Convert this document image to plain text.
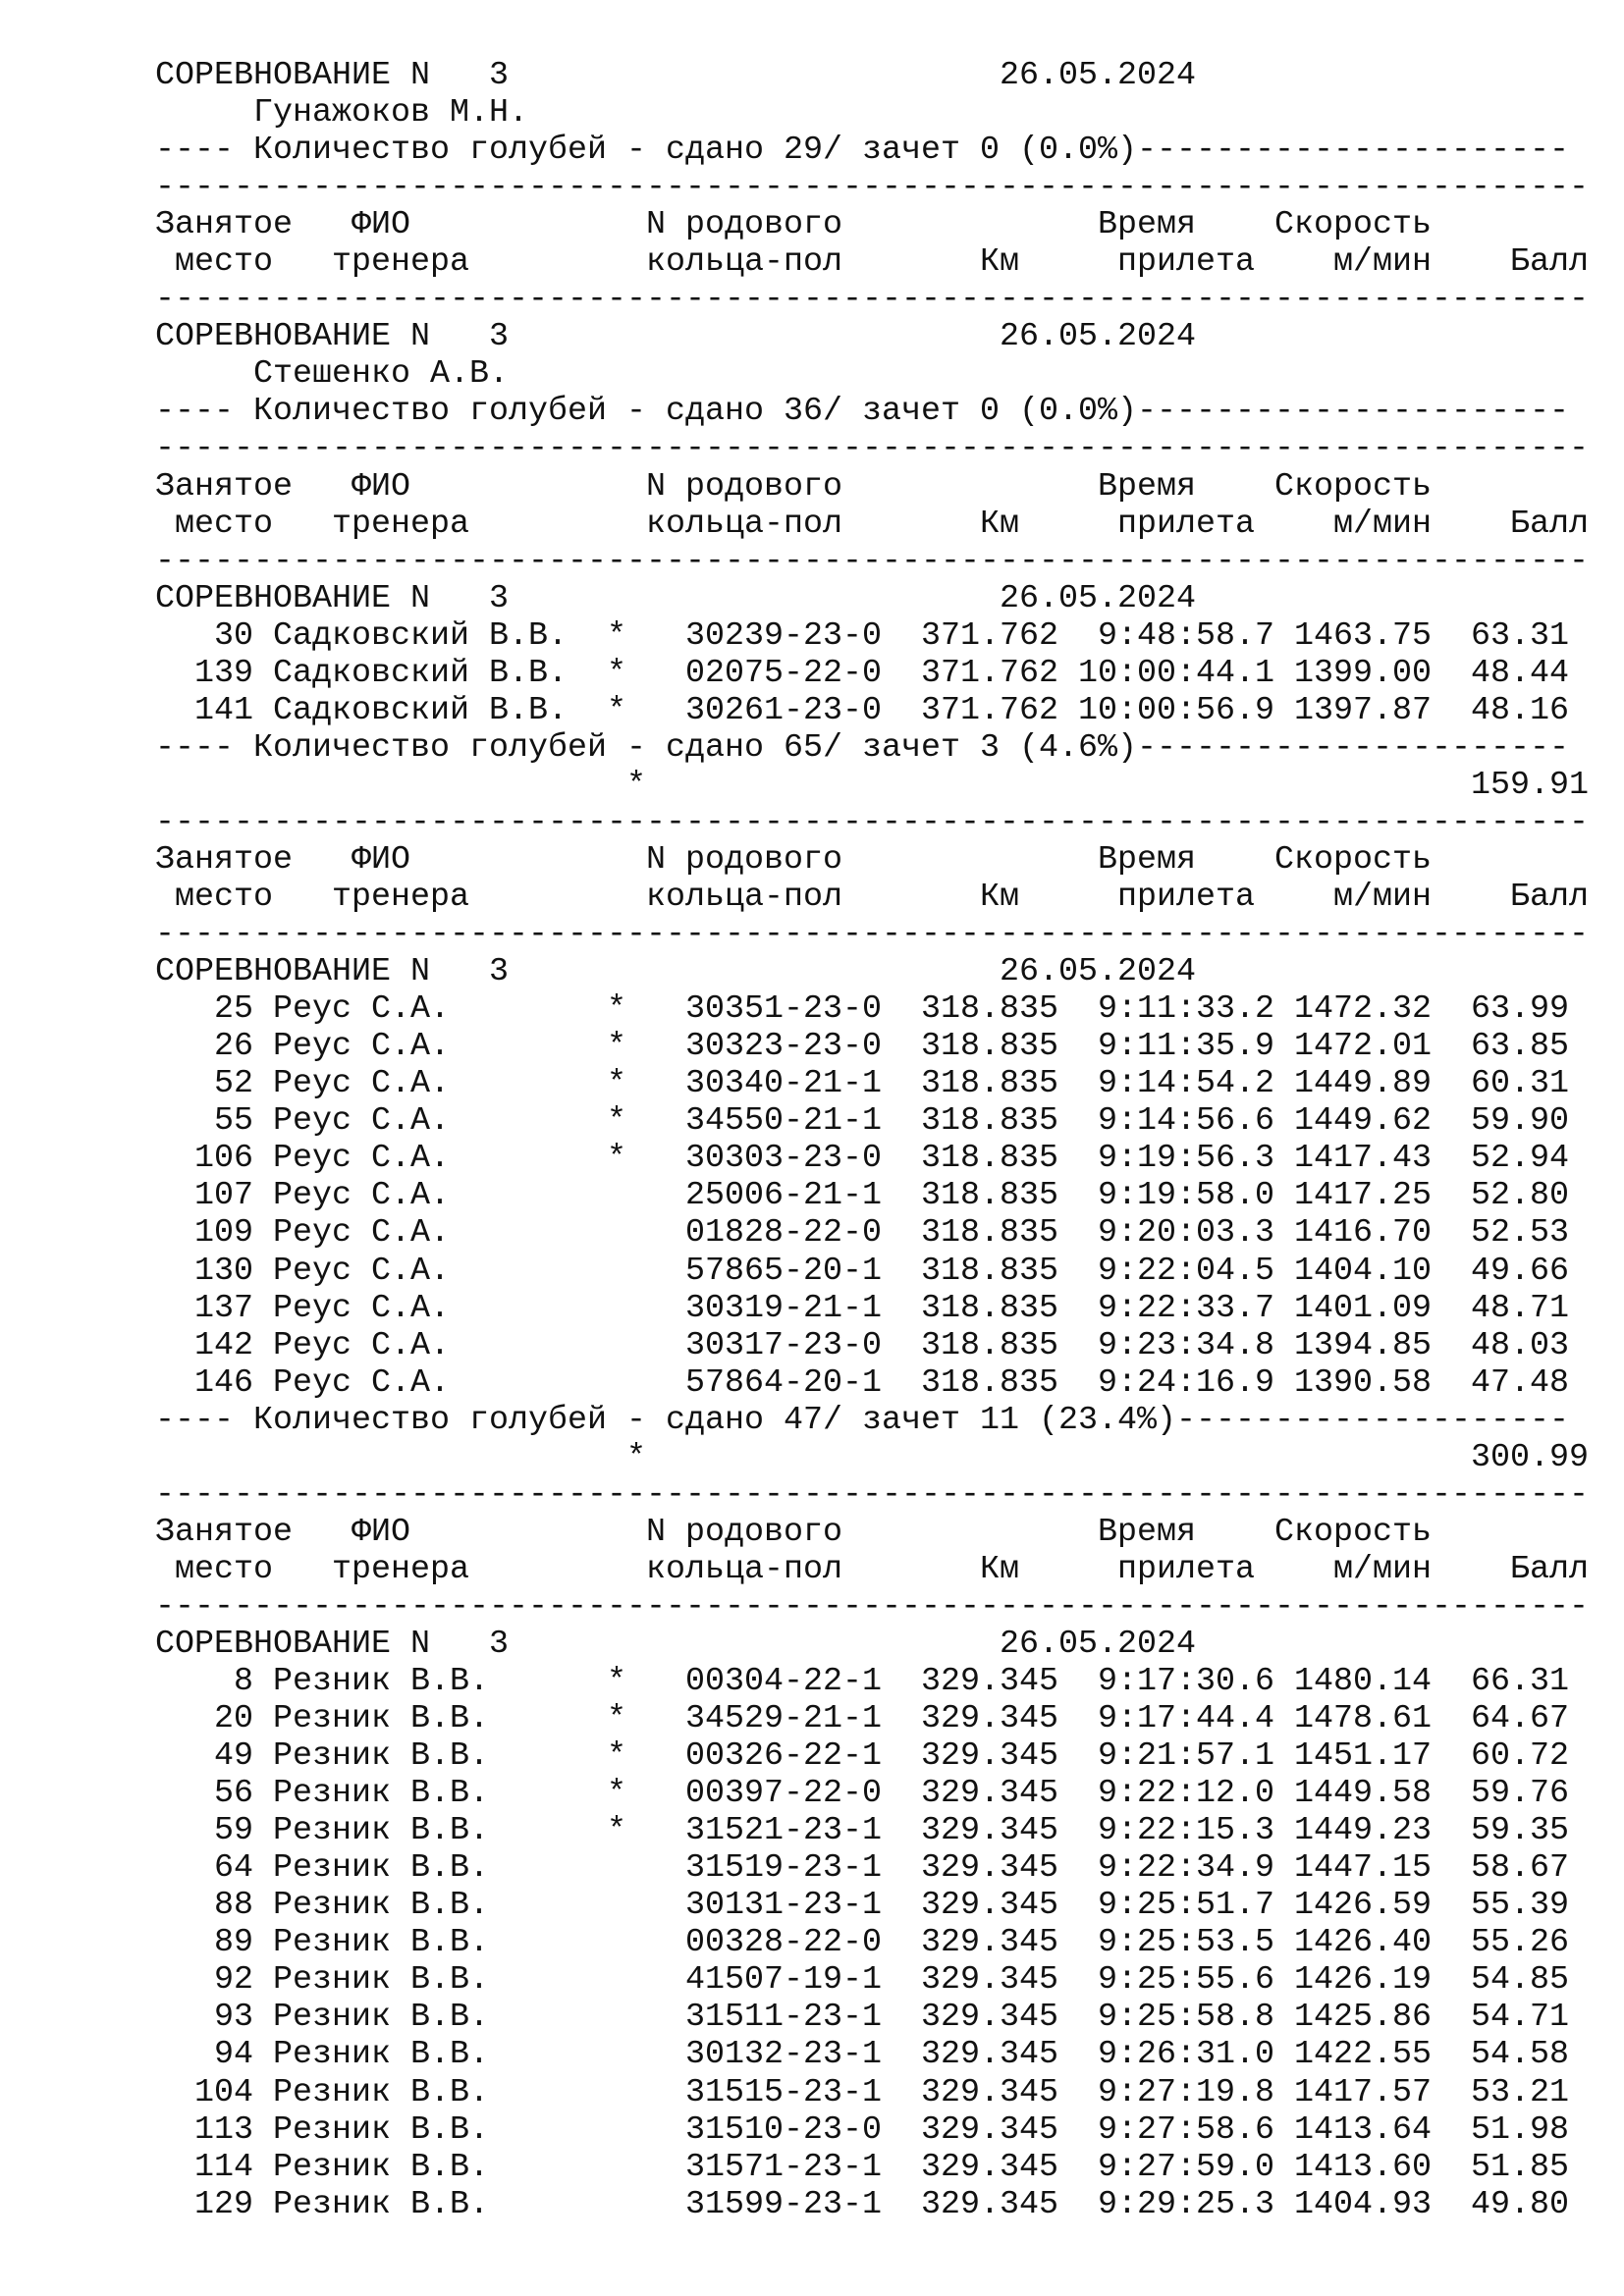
СОРЕВНОВАНИЕ N   3                         26.05.2024
Гунажоков М.Н.
---- Количество голубей - сдано 29/ зачет 0 (0.0%)----------------------
-------------------------------------------------------------------------
Занятое   ФИО            N родового             Время    Скорость
место   тренера         кольца-пол       Км     прилета    м/мин    Балл
-------------------------------------------------------------------------
СОРЕВНОВАНИЕ N   3                         26.05.2024
Стешенко А.В.
---- Количество голубей - сдано 36/ зачет 0 (0.0%)----------------------
-------------------------------------------------------------------------
Занятое   ФИО            N родового             Время    Скорость
место   тренера         кольца-пол       Км     прилета    м/мин    Балл
-------------------------------------------------------------------------
СОРЕВНОВАНИЕ N   3                         26.05.2024
30 Садковский В.В.  *   30239-23-0  371.762  9:48:58.7 1463.75  63.31
139 Садковский В.В.  *   02075-22-0  371.762 10:00:44.1 1399.00  48.44
141 Садковский В.В.  *   30261-23-0  371.762 10:00:56.9 1397.87  48.16
---- Количество голубей - сдано 65/ зачет 3 (4.6%)----------------------
*                                          159.91
-------------------------------------------------------------------------
Занятое   ФИО            N родового             Время    Скорость
место   тренера         кольца-пол       Км     прилета    м/мин    Балл
-------------------------------------------------------------------------
СОРЕВНОВАНИЕ N   3                         26.05.2024
25 Реус С.А.        *   30351-23-0  318.835  9:11:33.2 1472.32  63.99
26 Реус С.А.        *   30323-23-0  318.835  9:11:35.9 1472.01  63.85
52 Реус С.А.        *   30340-21-1  318.835  9:14:54.2 1449.89  60.31
55 Реус С.А.        *   34550-21-1  318.835  9:14:56.6 1449.62  59.90
106 Реус С.А.        *   30303-23-0  318.835  9:19:56.3 1417.43  52.94
107 Реус С.А.            25006-21-1  318.835  9:19:58.0 1417.25  52.80
109 Реус С.А.            01828-22-0  318.835  9:20:03.3 1416.70  52.53
130 Реус С.А.            57865-20-1  318.835  9:22:04.5 1404.10  49.66
137 Реус С.А.            30319-21-1  318.835  9:22:33.7 1401.09  48.71
142 Реус С.А.            30317-23-0  318.835  9:23:34.8 1394.85  48.03
146 Реус С.А.            57864-20-1  318.835  9:24:16.9 1390.58  47.48
---- Количество голубей - сдано 47/ зачет 11 (23.4%)--------------------
*                                          300.99
-------------------------------------------------------------------------
Занятое   ФИО            N родового             Время    Скорость
место   тренера         кольца-пол       Км     прилета    м/мин    Балл
-------------------------------------------------------------------------
СОРЕВНОВАНИЕ N   3                         26.05.2024
8 Резник В.В.      *   00304-22-1  329.345  9:17:30.6 1480.14  66.31
20 Резник В.В.      *   34529-21-1  329.345  9:17:44.4 1478.61  64.67
49 Резник В.В.      *   00326-22-1  329.345  9:21:57.1 1451.17  60.72
56 Резник В.В.      *   00397-22-0  329.345  9:22:12.0 1449.58  59.76
59 Резник В.В.      *   31521-23-1  329.345  9:22:15.3 1449.23  59.35
64 Резник В.В.          31519-23-1  329.345  9:22:34.9 1447.15  58.67
88 Резник В.В.          30131-23-1  329.345  9:25:51.7 1426.59  55.39
89 Резник В.В.          00328-22-0  329.345  9:25:53.5 1426.40  55.26
92 Резник В.В.          41507-19-1  329.345  9:25:55.6 1426.19  54.85
93 Резник В.В.          31511-23-1  329.345  9:25:58.8 1425.86  54.71
94 Резник В.В.          30132-23-1  329.345  9:26:31.0 1422.55  54.58
104 Резник В.В.          31515-23-1  329.345  9:27:19.8 1417.57  53.21
113 Резник В.В.          31510-23-0  329.345  9:27:58.6 1413.64  51.98
114 Резник В.В.          31571-23-1  329.345  9:27:59.0 1413.60  51.85
129 Резник В.В.          31599-23-1  329.345  9:29:25.3 1404.93  49.80
